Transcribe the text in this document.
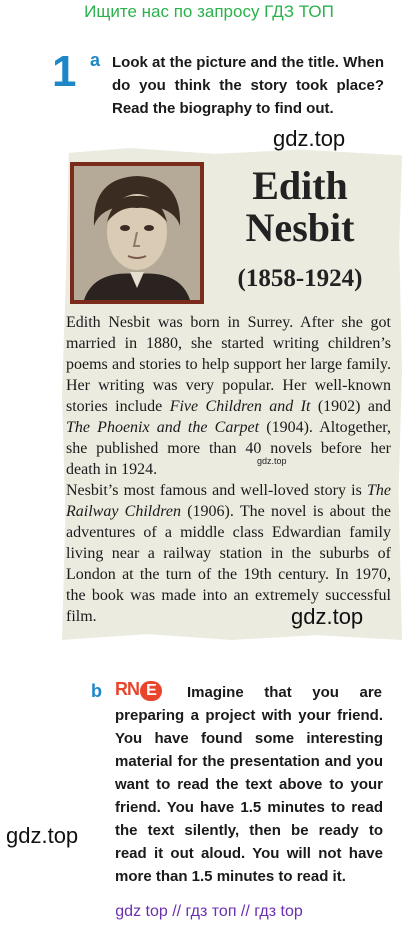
Ищите нас по запросу ГДЗ ТОП
1 a Look at the picture and the title. When do you think the story took place? Read the biography to find out.
Edith
Nesbit
(1858-1924)

Edith Nesbit was born in Surrey. After she got married in 1880, she started writing children’s poems and stories to help support her large family. Her writing was very popular. Her well-known stories include Five Children and It (1902) and The Phoenix and the Carpet (1904). Altogether, she published more than 40 novels before her death in 1924.

Nesbit’s most famous and well-loved story is The Railway Children (1906). The novel is about the adventures of a middle class Edwardian family living near a railway station in the suburbs of London at the turn of the 19th century. In 1970, the book was made into an extremely successful film.

gdz.top
gdz.top
gdz.top
b RN E	Imagine that you are
preparing a project with your friend. You have found some interesting material for the presentation and you want to read the text above to your friend. You have 1.5 minutes to read the text silently, then be ready to read it out aloud. You will not have more than 1.5 minutes to read it.
gdz.top
gdz top // гдз топ // гдз top
